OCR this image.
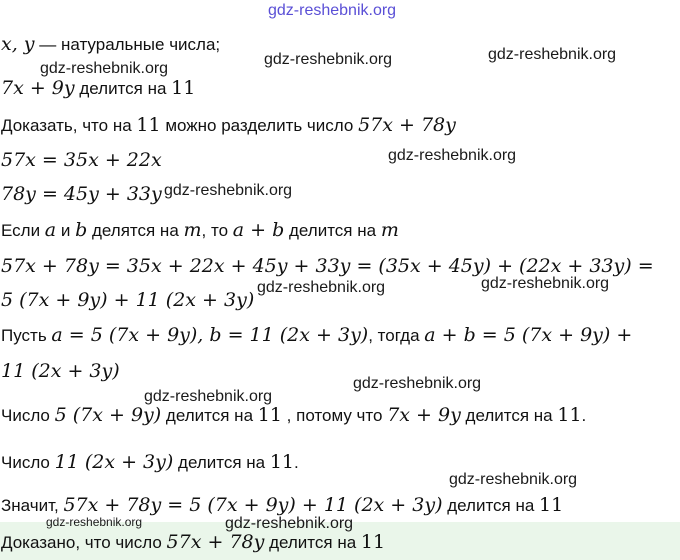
gdz-reshebnik.org
gdz-reshebnik.org
gdz-reshebnik.org	gdz-reshebnik.org
gdz-reshebnik.org
gdz-reshebnik.org
gdz-reshebnik.org	gdz-reshebnik.org
gdz-reshebnik.org
gdz-reshebnik.org
gdz-reshebnik.org
gdz-reshebnik.org	gdz-reshebnik.org
x, y — натуральные числа;
7x + 9y делится на 11
Доказать, что на 11 можно разделить число 57x + 78y
57x = 35x + 22x
78y = 45y + 33y
Если a и b делятся на m, то a + b делится на m
57x + 78y = 35x + 22x + 45y + 33y = (35x + 45y) + (22x + 33y) =
5 (7x + 9y) + 11 (2x + 3y)
Пусть a = 5 (7x + 9y), b = 11 (2x + 3y), тогда a + b = 5 (7x + 9y) +
11 (2x + 3y)
Число 5 (7x + 9y) делится на 11 , потому что 7x + 9y делится на 11.
Число 11 (2x + 3y) делится на 11.
Значит, 57x + 78y = 5 (7x + 9y) + 11 (2x + 3y) делится на 11
Доказано, что число 57x + 78y делится на 11
